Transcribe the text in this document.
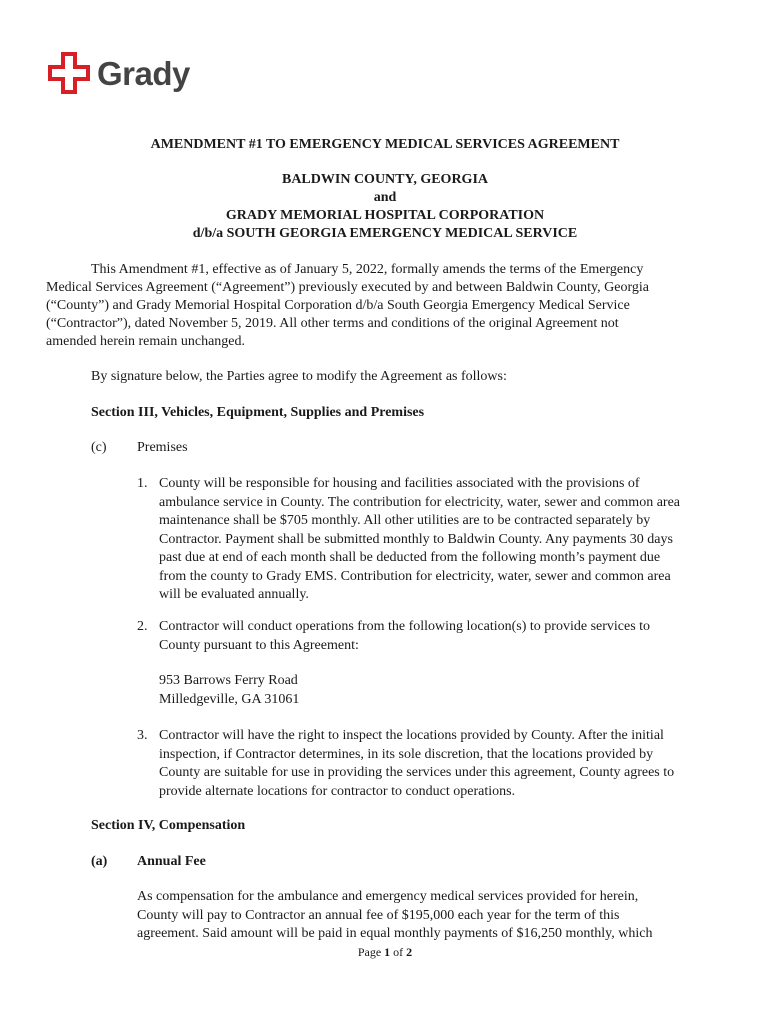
Grady

AMENDMENT #1 TO EMERGENCY MEDICAL SERVICES AGREEMENT

BALDWIN COUNTY, GEORGIA

and

GRADY MEMORIAL HOSPITAL CORPORATION

d/b/a SOUTH GEORGIA EMERGENCY MEDICAL SERVICE

This Amendment #1, effective as of January 5, 2022, formally amends the terms of the Emergency

Medical Services Agreement (“Agreement”) previously executed by and between Baldwin County, Georgia

(“County”) and Grady Memorial Hospital Corporation d/b/a South Georgia Emergency Medical Service

(“Contractor”), dated November 5, 2019. All other terms and conditions of the original Agreement not

amended herein remain unchanged.

By signature below, the Parties agree to modify the Agreement as follows:

Section III, Vehicles, Equipment, Supplies and Premises

(c) Premises

1. County will be responsible for housing and facilities associated with the provisions of
ambulance service in County. The contribution for electricity, water, sewer and common area
maintenance shall be $705 monthly. All other utilities are to be contracted separately by
Contractor. Payment shall be submitted monthly to Baldwin County. Any payments 30 days
past due at end of each month shall be deducted from the following month’s payment due
from the county to Grady EMS. Contribution for electricity, water, sewer and common area
will be evaluated annually.
2. Contractor will conduct operations from the following location(s) to provide services to
County pursuant to this Agreement:
953 Barrows Ferry Road
Milledgeville, GA 31061
3. Contractor will have the right to inspect the locations provided by County. After the initial
inspection, if Contractor determines, in its sole discretion, that the locations provided by
County are suitable for use in providing the services under this agreement, County agrees to
provide alternate locations for contractor to conduct operations.

Section IV, Compensation

(a) Annual Fee

As compensation for the ambulance and emergency medical services provided for herein,
County will pay to Contractor an annual fee of $195,000 each year for the term of this
agreement. Said amount will be paid in equal monthly payments of $16,250 monthly, which

Page 1 of 2
